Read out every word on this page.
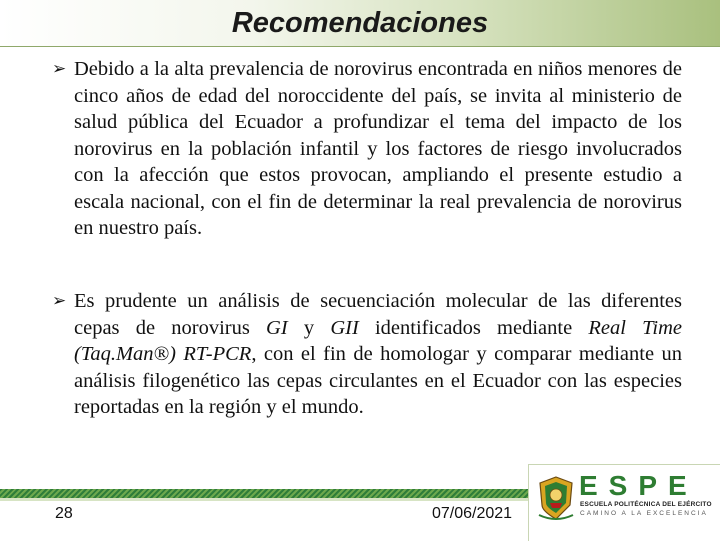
Recomendaciones
➢ Debido a la alta prevalencia de norovirus encontrada en niños menores de cinco años de edad del noroccidente del país, se invita al ministerio de salud pública del Ecuador a profundizar el tema del impacto de los norovirus en la población infantil y los factores de riesgo involucrados con la afección que estos provocan, ampliando el presente estudio a escala nacional, con el fin de determinar la real prevalencia de norovirus en nuestro país.
➢ Es prudente un análisis de secuenciación molecular de las diferentes cepas de norovirus GI y GII identificados mediante Real Time (Taq.Man®) RT-PCR, con el fin de homologar y comparar mediante un análisis filogenético las cepas circulantes en el Ecuador con las especies reportadas en la región y el mundo.
28	07/06/2021
ESPE
ESCUELA POLITÉCNICA DEL EJÉRCITO
CAMINO A LA EXCELENCIA
